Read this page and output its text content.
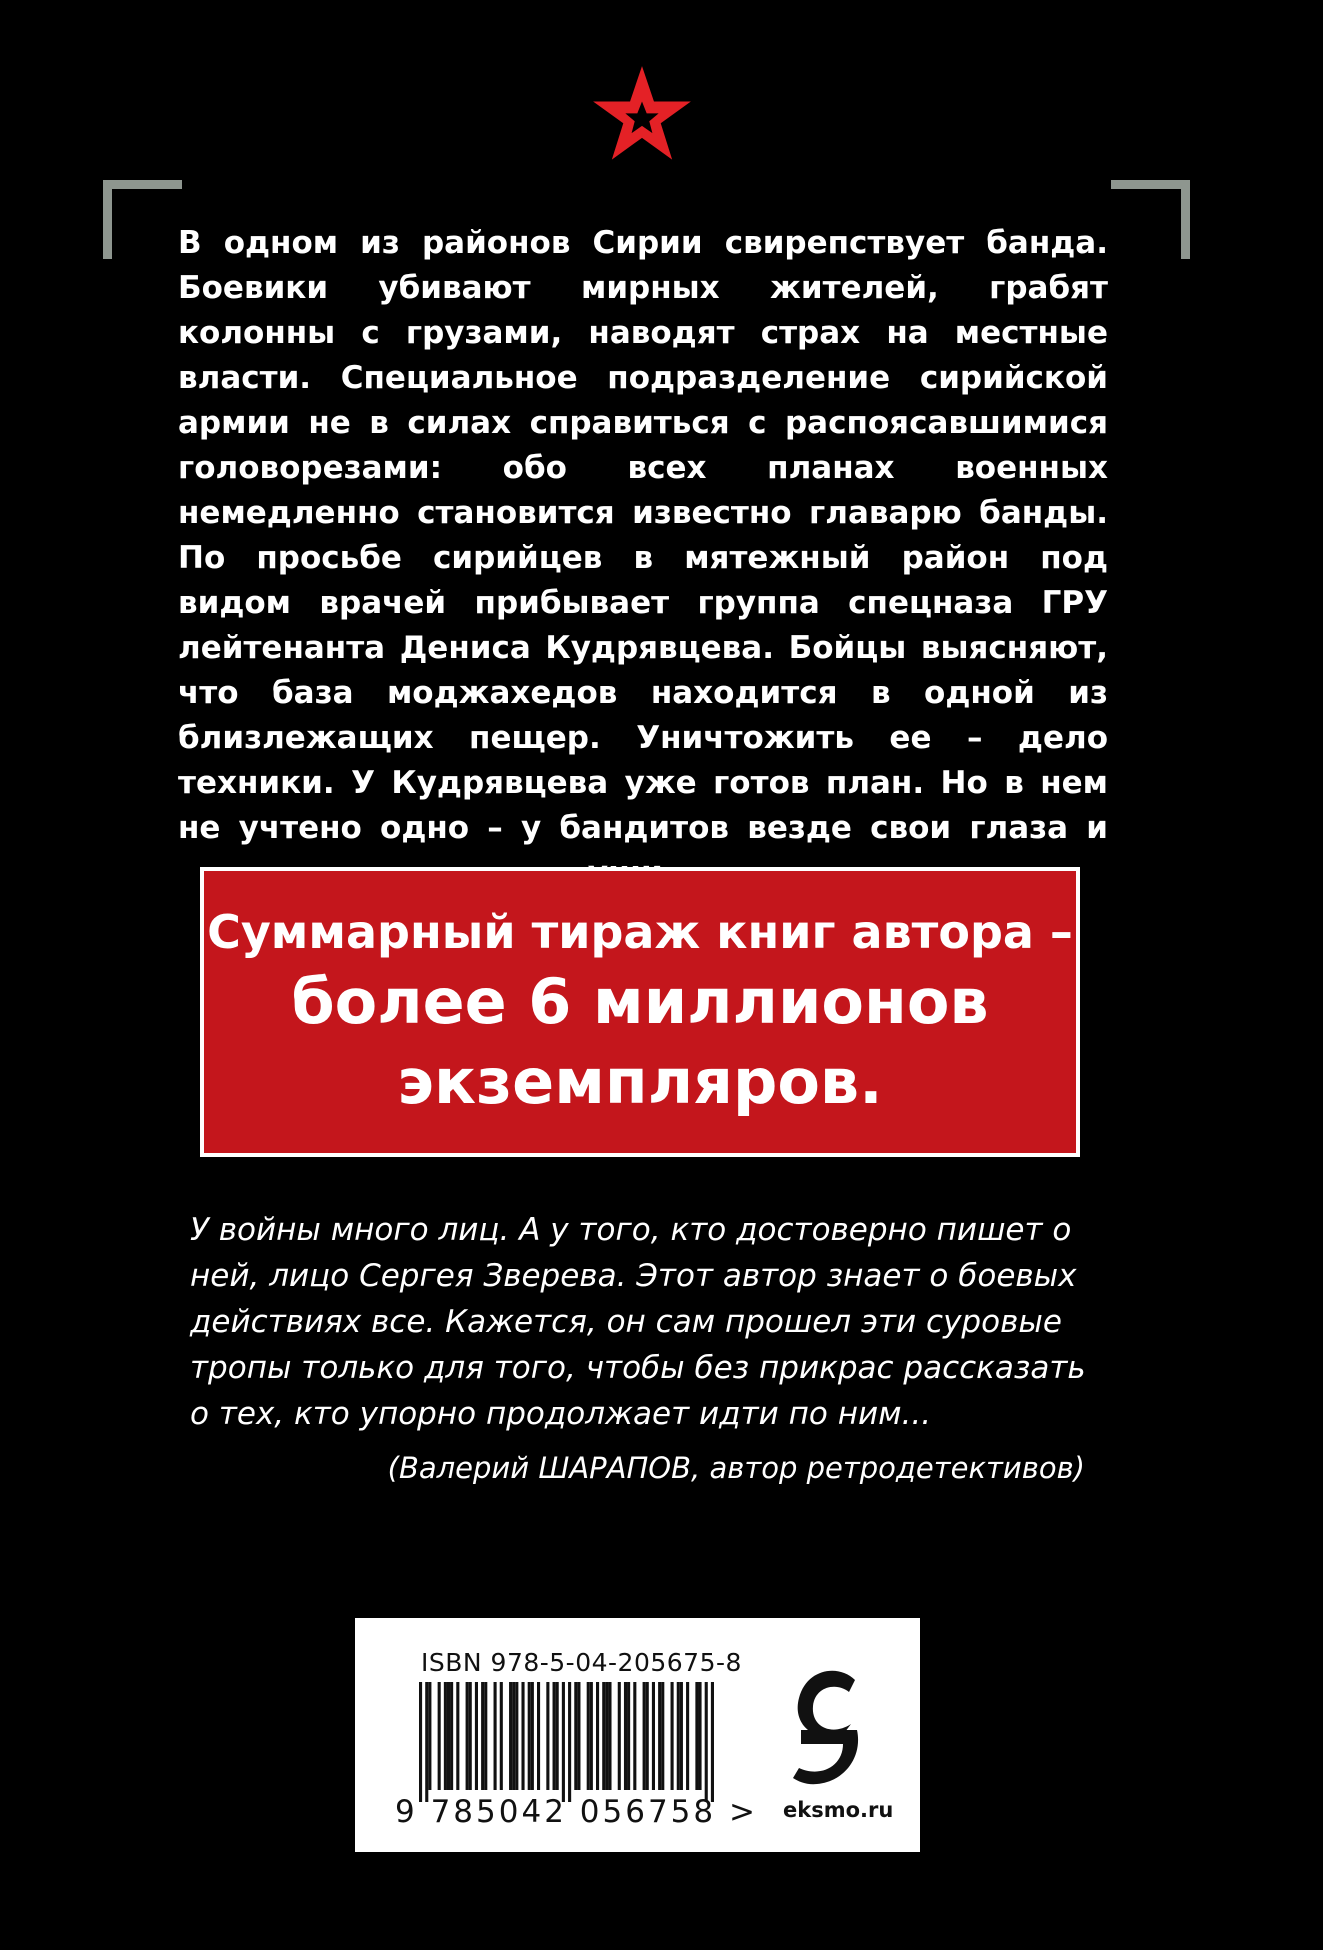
В одном из районов Сирии свирепствует банда. Боевики убивают мирных жителей, грабят колонны с грузами, наводят страх на местные власти. Специальное подразделение сирийской армии не в силах справиться с распоясавшимися головорезами: обо всех планах военных немедленно становится известно главарю банды. По просьбе сирийцев в мятежный район под видом врачей прибывает группа спецназа ГРУ лейтенанта Дениса Кудрявцева. Бойцы выясняют, что база моджахедов находится в одной из близлежащих пещер. Уничтожить ее – дело техники. У Кудрявцева уже готов план. Но в нем не учтено одно – у бандитов везде свои глаза и

Суммарный тираж книг автора –
более 6 миллионов
экземпляров.

У войны много лиц. А у того, кто достоверно пишет о ней, лицо Сергея Зверева. Этот автор знает о боевых действиях все. Кажется, он сам прошел эти суровые тропы только для того, чтобы без прикрас рассказать о тех, кто упорно продолжает идти по ним...

(Валерий ШАРАПОВ, автор ретродетективов)
ISBN 978-5-04-205675-8
9 785042 056758 > eksmo.ru
